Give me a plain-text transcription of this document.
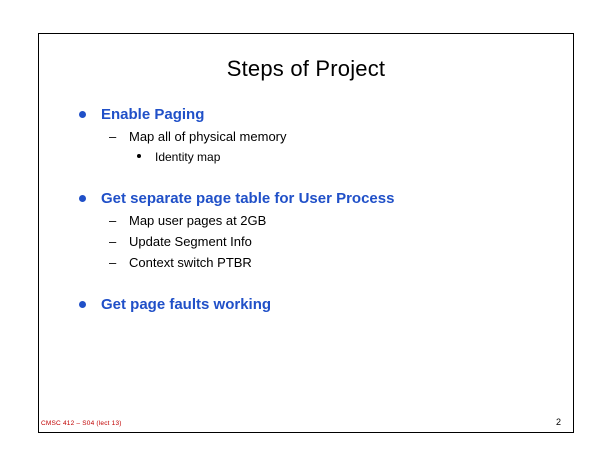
Steps of Project
Enable Paging
– Map all of physical memory
Identity map
Get separate page table for User Process
– Map user pages at 2GB
– Update Segment Info
– Context switch PTBR
Get page faults working
CMSC 412 – S04 (lect 13)	2
